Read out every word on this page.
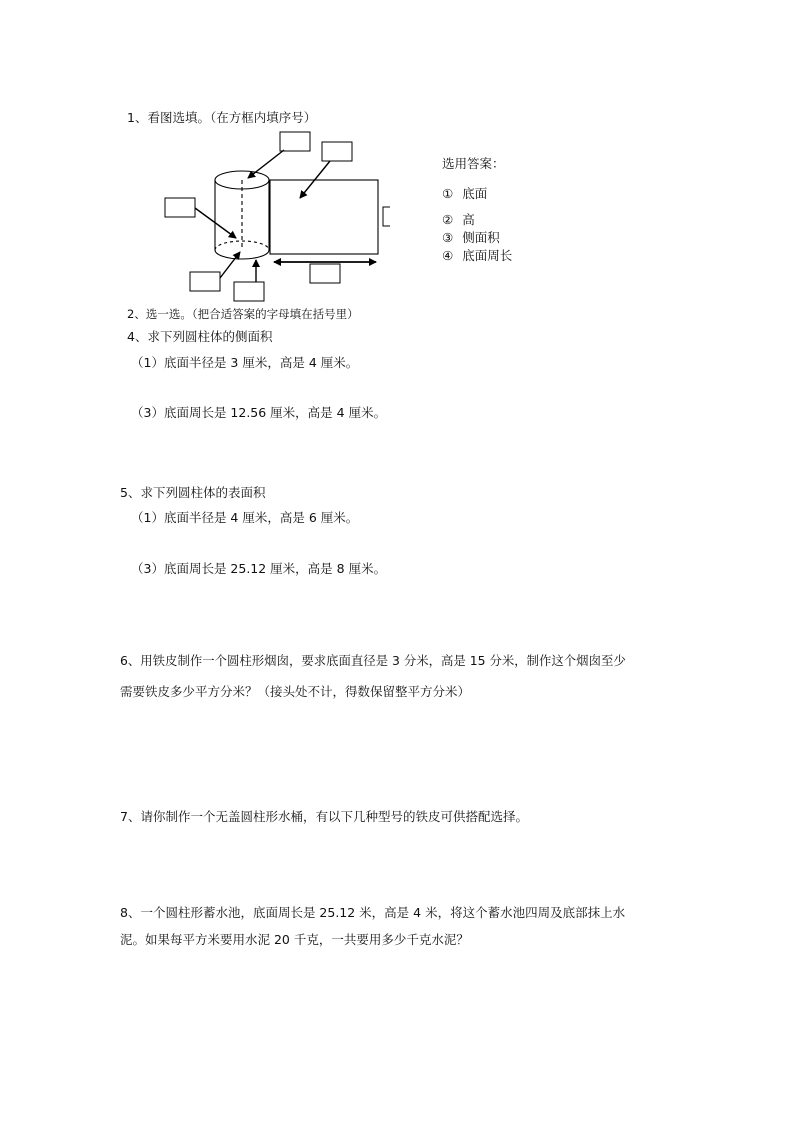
1、看图选填。（在方框内填序号）
选用答案：
① 底面
② 高
③ 侧面积
④ 底面周长
2、选一选。（把合适答案的字母填在括号里）
4、求下列圆柱体的侧面积
（1）底面半径是 3 厘米，高是 4 厘米。
（3）底面周长是 12.56 厘米，高是 4 厘米。
5、求下列圆柱体的表面积
（1）底面半径是 4 厘米，高是 6 厘米。
（3）底面周长是 25.12 厘米，高是 8 厘米。
6、用铁皮制作一个圆柱形烟囱，要求底面直径是 3 分米，高是 15 分米，制作这个烟囱至少
需要铁皮多少平方分米？（接头处不计，得数保留整平方分米）
7、请你制作一个无盖圆柱形水桶，有以下几种型号的铁皮可供搭配选择。
8、一个圆柱形蓄水池，底面周长是 25.12 米，高是 4 米，将这个蓄水池四周及底部抹上水
泥。如果每平方米要用水泥 20 千克，一共要用多少千克水泥？
